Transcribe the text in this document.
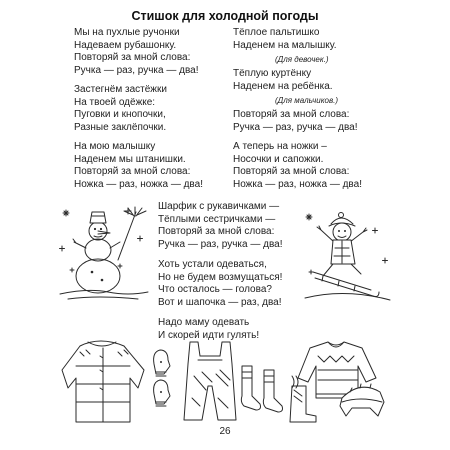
Стишок для холодной погоды
Мы на пухлые ручонки
Надеваем рубашонку.
Повторяй за мной слова:
Ручка — раз, ручка — два!
Застегнём застёжки
На твоей одёжке:
Пуговки и кнопочки,
Разные заклёпочки.
На мою малышку
Наденем мы штанишки.
Повторяй за мной слова:
Ножка — раз, ножка — два!
Тёплое пальтишко
Наденем на малышку.
(Для девочек.)
Тёплую куртёнку
Наденем на ребёнка.
(Для мальчиков.)
Повторяй за мной слова:
Ручка — раз, ручка — два!
А теперь на ножки –
Носочки и сапожки.
Повторяй за мной слова:
Ножка — раз, ножка — два!
Шарфик с рукавичками —
Тёплыми сестричками —
Повторяй за мной слова:
Ручка — раз, ручка — два!
Хоть устали одеваться,
Но не будем возмущаться!
Что осталось — голова?
Вот и шапочка — раз, два!
Надо маму одевать
И скорей идти гулять!
26
